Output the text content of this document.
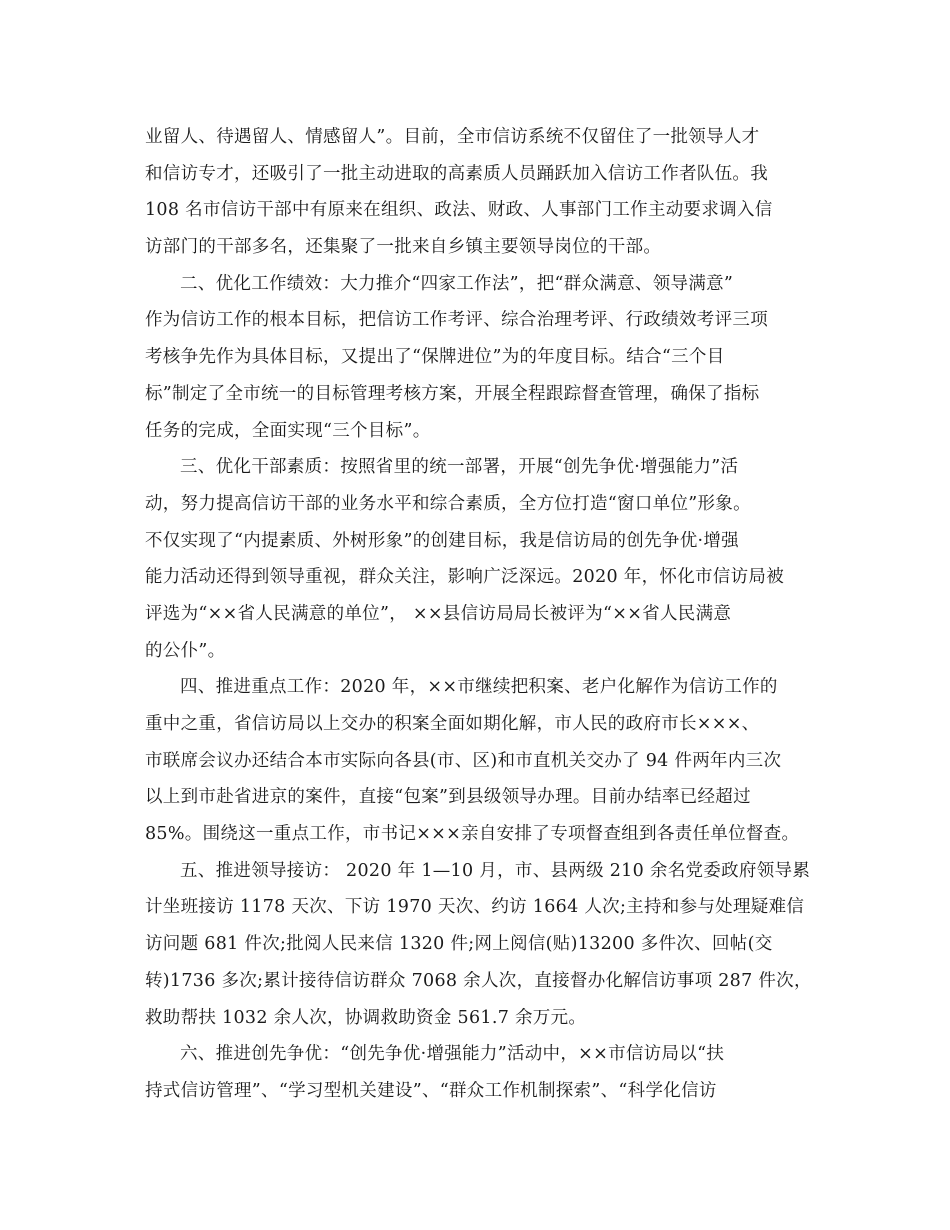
业留人、待遇留人、情感留人”。目前，全市信访系统不仅留住了一批领导人才
和信访专才，还吸引了一批主动进取的高素质人员踊跃加入信访工作者队伍。我
108 名市信访干部中有原来在组织、政法、财政、人事部门工作主动要求调入信
访部门的干部多名，还集聚了一批来自乡镇主要领导岗位的干部。
二、优化工作绩效：大力推介“四家工作法”，把“群众满意、领导满意”
作为信访工作的根本目标，把信访工作考评、综合治理考评、行政绩效考评三项
考核争先作为具体目标，又提出了“保牌进位”为的年度目标。结合“三个目
标”制定了全市统一的目标管理考核方案，开展全程跟踪督查管理，确保了指标
任务的完成，全面实现“三个目标”。
三、优化干部素质：按照省里的统一部署，开展“创先争优·增强能力”活
动，努力提高信访干部的业务水平和综合素质，全方位打造“窗口单位”形象。
不仅实现了“内提素质、外树形象”的创建目标，我是信访局的创先争优·增强
能力活动还得到领导重视，群众关注，影响广泛深远。2020 年，怀化市信访局被
评选为“××省人民满意的单位”， ××县信访局局长被评为“××省人民满意
的公仆”。
四、推进重点工作：2020 年，××市继续把积案、老户化解作为信访工作的
重中之重，省信访局以上交办的积案全面如期化解，市人民的政府市长×××、
市联席会议办还结合本市实际向各县(市、区)和市直机关交办了 94 件两年内三次
以上到市赴省进京的案件，直接“包案”到县级领导办理。目前办结率已经超过
85%。围绕这一重点工作，市书记×××亲自安排了专项督查组到各责任单位督查。
五、推进领导接访： 2020 年 1—10 月，市、县两级 210 余名党委政府领导累
计坐班接访 1178 天次、下访 1970 天次、约访 1664 人次;主持和参与处理疑难信
访问题 681 件次;批阅人民来信 1320 件;网上阅信(贴)13200 多件次、回帖(交
转)1736 多次;累计接待信访群众 7068 余人次，直接督办化解信访事项 287 件次，
救助帮扶 1032 余人次，协调救助资金 561.7 余万元。
六、推进创先争优：“创先争优·增强能力”活动中，××市信访局以“扶
持式信访管理”、“学习型机关建设”、“群众工作机制探索”、“科学化信访
